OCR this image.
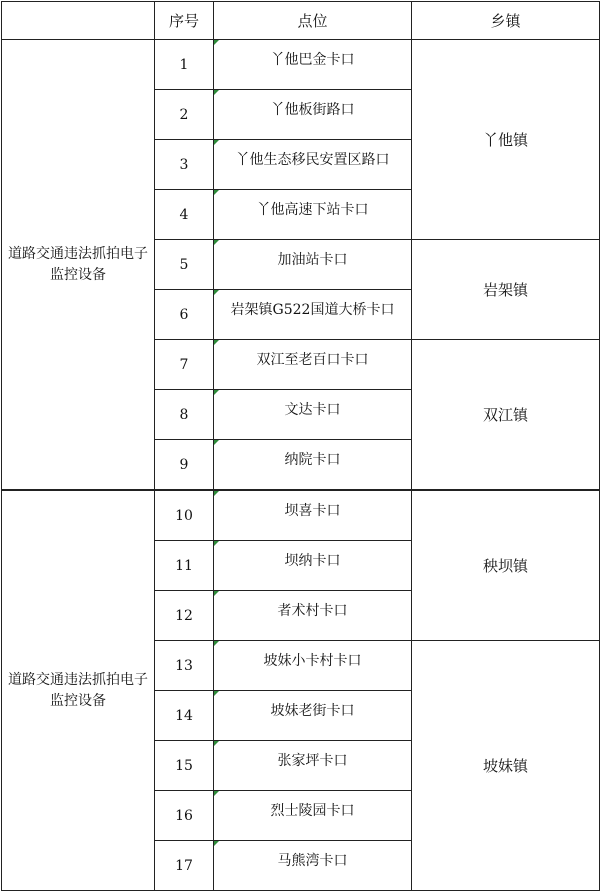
	序号	点位	乡镇
道路交通违法抓拍电子监控设备	1	丫他巴金卡口	丫他镇
	2	丫他板街路口	
	3	丫他生态移民安置区路口	
	4	丫他高速下站卡口	
	5	加油站卡口	岩架镇
	6	岩架镇G522国道大桥卡口	
	7	双江至老百口卡口	双江镇
	8	文达卡口	
	9	纳院卡口	
道路交通违法抓拍电子监控设备	10	坝喜卡口	秧坝镇
	11	坝纳卡口	
	12	者术村卡口	
	13	坡妹小卡村卡口	坡妹镇
	14	坡妹老街卡口	
	15	张家坪卡口	
	16	烈士陵园卡口	
	17	马熊湾卡口	
